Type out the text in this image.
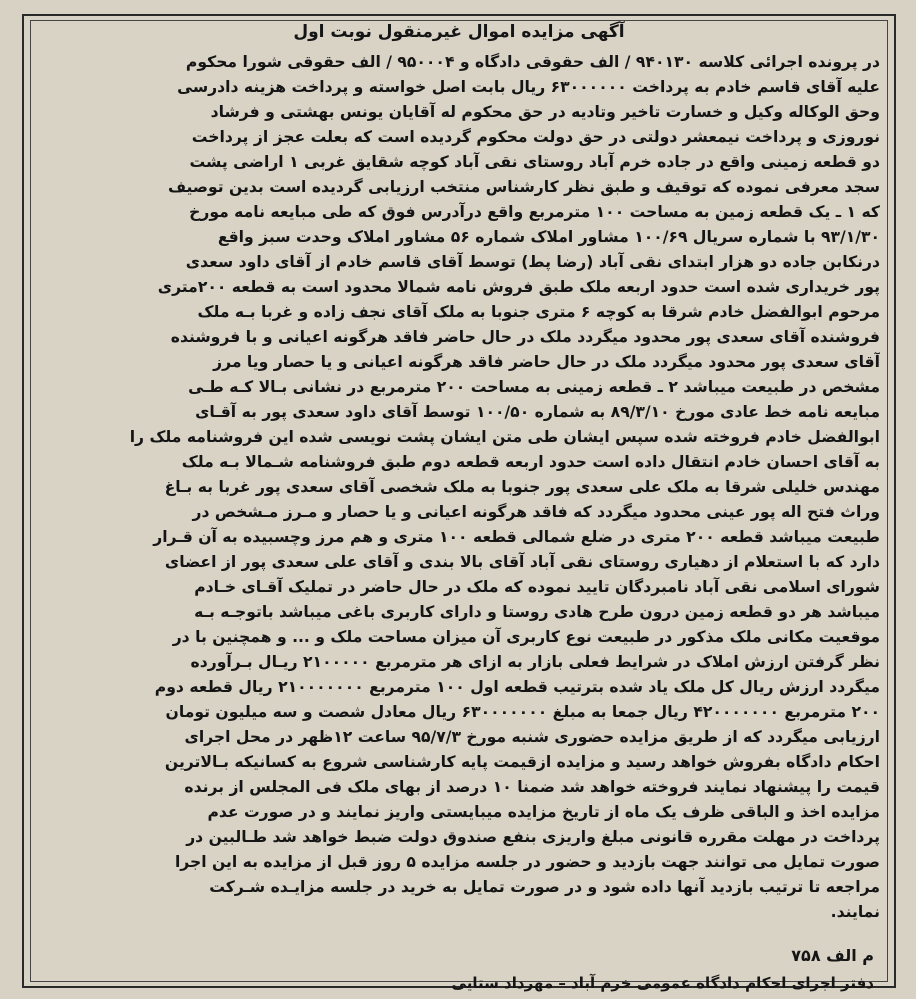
آگهی مزایده اموال غیرمنقول نوبت اول
در پرونده اجرائی کلاسه ۹۴۰۱۳۰ / الف حقوقی دادگاه و ۹۵۰۰۰۴ / الف حقوقی شورا محکوم
علیه آقای قاسم خادم به پرداخت ۶۳۰۰۰۰۰۰ ریال بابت اصل خواسته و پرداخت هزینه دادرسی
وحق الوکاله وکیل و خسارت تاخیر وتادیه در حق محکوم له آقایان یونس بهشتی و فرشاد
نوروزی و پرداخت نیمعشر دولتی در حق دولت محکوم گردیده است که بعلت عجز از پرداخت
دو قطعه زمینی واقع در جاده خرم آباد روستای نقی آباد کوچه شقایق غربی ۱ اراضی پشت
سجد معرفی نموده که توقیف و طبق نظر کارشناس منتخب ارزیابی گردیده است بدین توصیف
که ۱ ـ یک قطعه زمین به مساحت ۱۰۰ مترمربع واقع درآدرس فوق که طی مبایعه نامه مورخ
۹۳/۱/۳۰ با شماره سریال ۱۰۰/۶۹ مشاور املاک شماره ۵۶ مشاور املاک وحدت سبز واقع
درنکابن جاده دو هزار ابتدای نقی آباد (رضا پط) توسط آقای قاسم خادم از آقای داود سعدی
پور خریداری شده است حدود اربعه ملک طبق فروش نامه شمالا محدود است به قطعه ۲۰۰متری
مرحوم ابوالفضل خادم شرقا به کوچه ۶ متری جنوبا به ملک آقای نجف زاده و غربا بـه ملک
فروشنده آقای سعدی پور محدود میگردد ملک در حال حاضر فاقد هرگونه اعیانی و با فروشنده
آقای سعدی پور محدود میگردد ملک در حال حاضر فاقد هرگونه اعیانی و یا حصار ویا مرز
مشخص در طبیعت میباشد ۲ ـ قطعه زمینی به مساحت ۲۰۰ مترمربع در نشانی بـالا کـه طـی
مبایعه نامه خط عادی مورخ ۸۹/۳/۱۰ به شماره ۱۰۰/۵۰ توسط آقای داود سعدی پور به آقـای
ابوالفضل خادم فروخته شده سپس ایشان طی متن ایشان پشت نویسی شده این فروشنامه ملک را
به آقای احسان خادم انتقال داده است حدود اربعه قطعه دوم طبق فروشنامه شـمالا بـه ملک
مهندس خلیلی شرقا به ملک علی سعدی پور جنوبا به ملک شخصی آقای سعدی پور غربا به بـاغ
وراث فتح اله پور عینی محدود میگردد که فاقد هرگونه اعیانی و یا حصار و مـرز مـشخص در
طبیعت میباشد قطعه ۲۰۰ متری در ضلع شمالی قطعه ۱۰۰ متری و هم مرز وچسبیده به آن قـرار
دارد که با استعلام از دهیاری روستای نقی آباد آقای بالا بندی و آقای علی سعدی پور از اعضای
شورای اسلامی نقی آباد نامبردگان تایید نموده که ملک در حال حاضر در تملیک آقـای خـادم
میباشد هر دو قطعه زمین درون طرح هادی روستا و دارای کاربری باغی میباشد باتوجـه بـه
موقعیت مکانی ملک مذکور در طبیعت نوع کاربری آن میزان مساحت ملک و ... و همچنین با در
نظر گرفتن ارزش املاک در شرایط فعلی بازار به ازای هر مترمربع ۲۱۰۰۰۰۰ ریـال بـرآورده
میگردد ارزش ریال کل ملک یاد شده بترتیب قطعه اول ۱۰۰ مترمربع ۲۱۰۰۰۰۰۰۰ ریال قطعه دوم
۲۰۰ مترمربع ۴۲۰۰۰۰۰۰۰ ریال جمعا به مبلغ ۶۳۰۰۰۰۰۰۰ ریال معادل شصت و سه میلیون تومان
ارزیابی میگردد که از طریق مزایده حضوری شنبه مورخ ۹۵/۷/۳ ساعت ۱۲ظهر در محل اجرای
احکام دادگاه بفروش خواهد رسید و مزایده ازقیمت پایه کارشناسی شروع به کسانیکه بـالاترین
قیمت را پیشنهاد نمایند فروخته خواهد شد ضمنا ۱۰ درصد از بهای ملک فی المجلس از برنده
مزایده اخذ و الباقی ظرف یک ماه از تاریخ مزایده میبایستی واریز نمایند و در صورت عدم
پرداخت در مهلت مقرره قانونی مبلغ واریزی بنفع صندوق دولت ضبط خواهد شد طـالبین در
صورت تمایل می توانند جهت بازدید و حضور در جلسه مزایده ۵ روز قبل از مزایده به این اجرا
مراجعه تا ترتیب بازدید آنها داده شود و در صورت تمایل به خرید در جلسه مزایـده شـرکت
نمایند.
م الف ۷۵۸
دفتر اجرای احکام دادگاه عمومی خرم آباد – مهرداد ستایی
